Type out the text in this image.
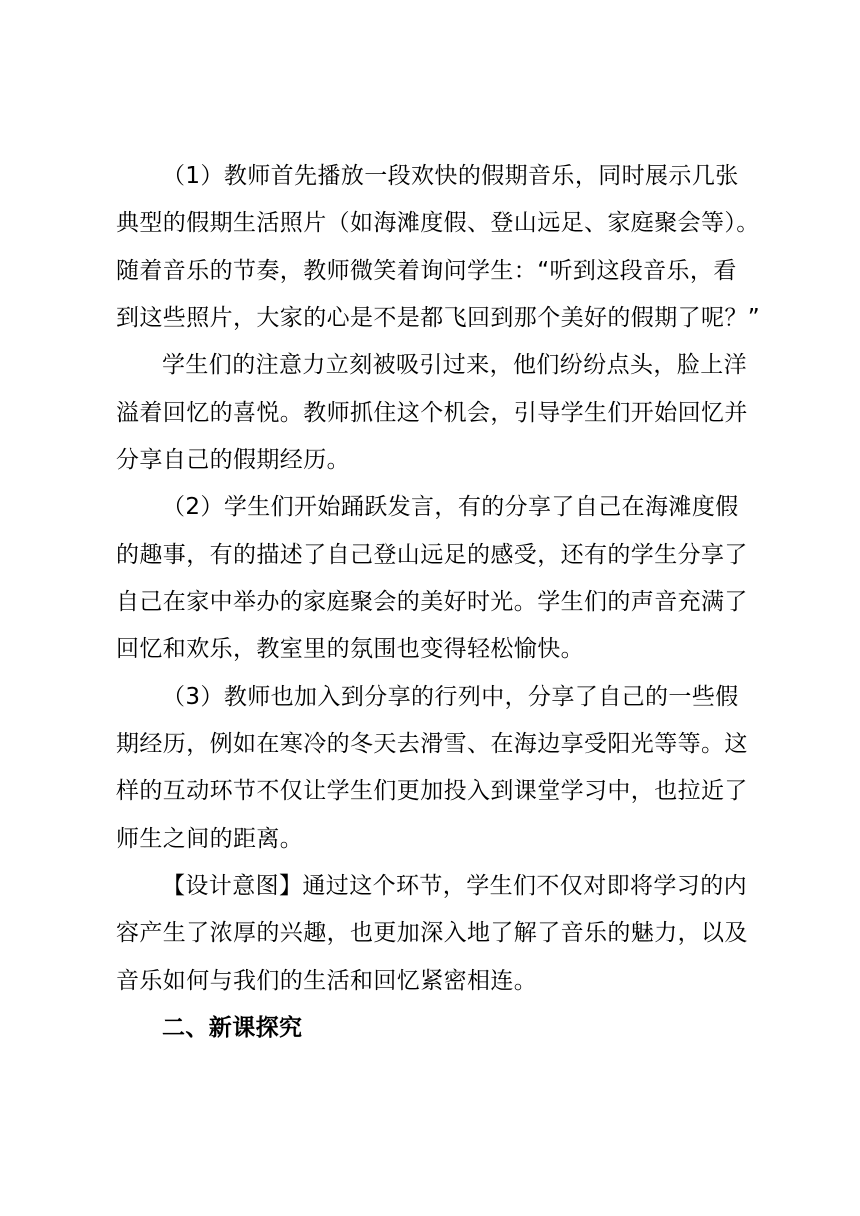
（1）教师首先播放一段欢快的假期音乐，同时展示几张
典型的假期生活照片（如海滩度假、登山远足、家庭聚会等）。
随着音乐的节奏，教师微笑着询问学生：“听到这段音乐，看
到这些照片，大家的心是不是都飞回到那个美好的假期了呢？”
学生们的注意力立刻被吸引过来，他们纷纷点头，脸上洋
溢着回忆的喜悦。教师抓住这个机会，引导学生们开始回忆并
分享自己的假期经历。
（2）学生们开始踊跃发言，有的分享了自己在海滩度假
的趣事，有的描述了自己登山远足的感受，还有的学生分享了
自己在家中举办的家庭聚会的美好时光。学生们的声音充满了
回忆和欢乐，教室里的氛围也变得轻松愉快。
（3）教师也加入到分享的行列中，分享了自己的一些假
期经历，例如在寒冷的冬天去滑雪、在海边享受阳光等等。这
样的互动环节不仅让学生们更加投入到课堂学习中，也拉近了
师生之间的距离。
【设计意图】通过这个环节，学生们不仅对即将学习的内
容产生了浓厚的兴趣，也更加深入地了解了音乐的魅力，以及
音乐如何与我们的生活和回忆紧密相连。
二、新课探究
